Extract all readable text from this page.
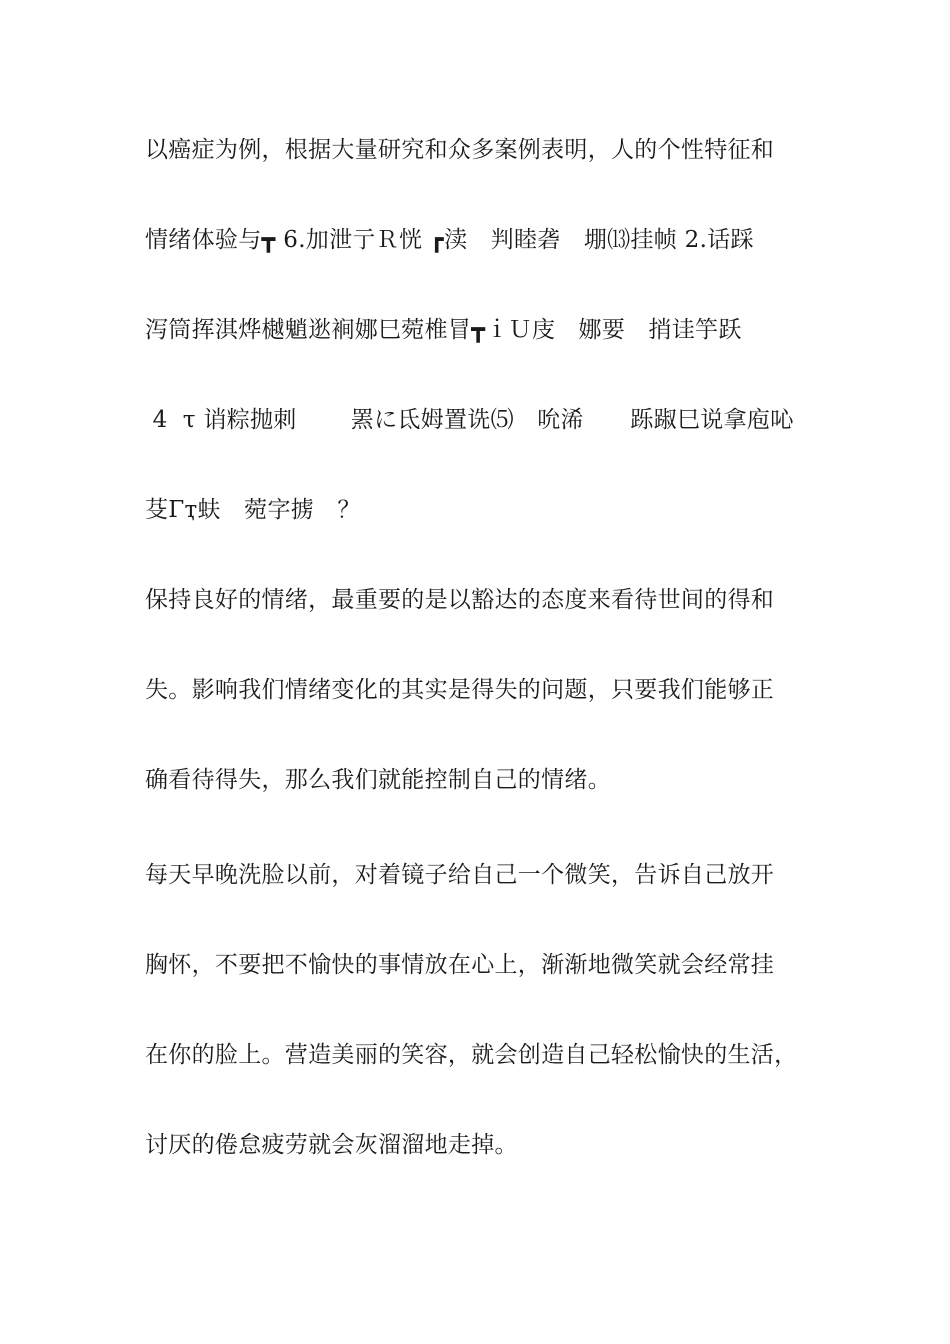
以癌症为例，根据大量研究和众多案例表明，人的个性特征和
情绪体验与┳ 6.加泄亍Ｒ恍 ┏渎　判睦砻　堋⒀挂帧 2.话踩
泻筒挥淇烨樾魈逖裥娜巳菀椎冒┳ｉＵ庋　娜要　捎诖竽跃
4  τ 诮粽抛刺 　　罴に氐姆置诜⑸　吮浠　　跞踧巳说拿庖吣
芟Γҭ蚨　菀字掳　？
保持良好的情绪，最重要的是以豁达的态度来看待世间的得和
失。影响我们情绪变化的其实是得失的问题，只要我们能够正
确看待得失，那么我们就能控制自己的情绪。
每天早晚洗脸以前，对着镜子给自己一个微笑，告诉自己放开
胸怀，不要把不愉快的事情放在心上，渐渐地微笑就会经常挂
在你的脸上。营造美丽的笑容，就会创造自己轻松愉快的生活，
讨厌的倦怠疲劳就会灰溜溜地走掉。
